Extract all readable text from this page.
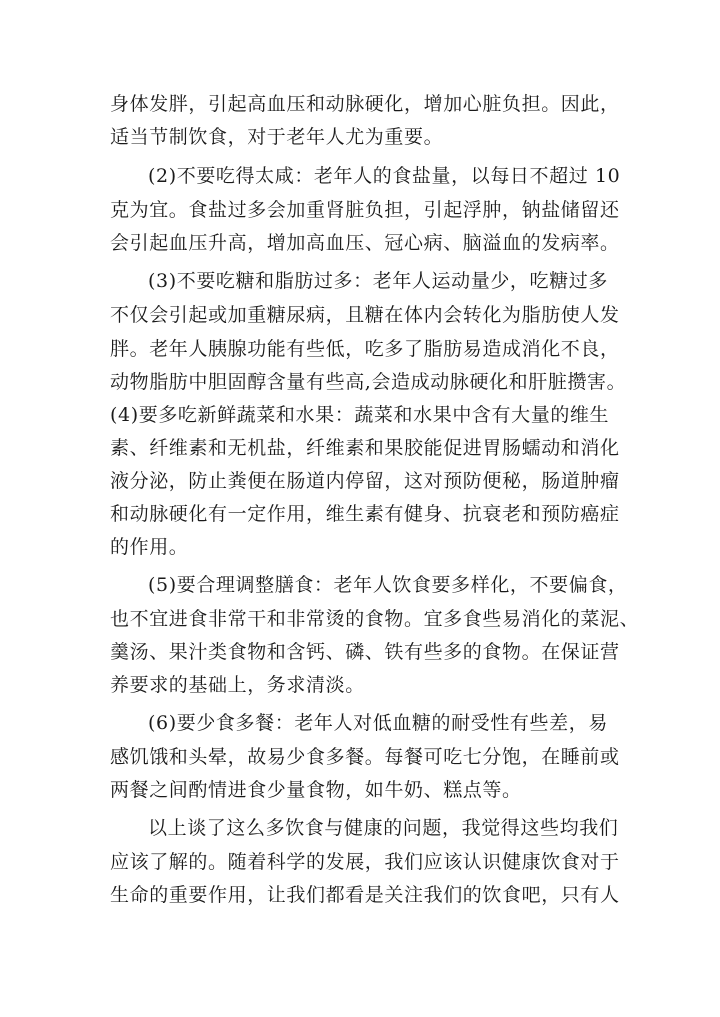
身体发胖，引起高血压和动脉硬化，增加心脏负担。因此，
适当节制饮食，对于老年人尤为重要。
(2)不要吃得太咸：老年人的食盐量，以每日不超过 10
克为宜。食盐过多会加重肾脏负担，引起浮肿，钠盐储留还
会引起血压升高，增加高血压、冠心病、脑溢血的发病率。
(3)不要吃糖和脂肪过多：老年人运动量少，吃糖过多
不仅会引起或加重糖尿病，且糖在体内会转化为脂肪使人发
胖。老年人胰腺功能有些低，吃多了脂肪易造成消化不良，
动物脂肪中胆固醇含量有些高,会造成动脉硬化和肝脏攒害。
(4)要多吃新鲜蔬菜和水果：蔬菜和水果中含有大量的维生
素、纤维素和无机盐，纤维素和果胶能促进胃肠蠕动和消化
液分泌，防止粪便在肠道内停留，这对预防便秘，肠道肿瘤
和动脉硬化有一定作用，维生素有健身、抗衰老和预防癌症
的作用。
(5)要合理调整膳食：老年人饮食要多样化，不要偏食，
也不宜进食非常干和非常烫的食物。宜多食些易消化的菜泥、
羹汤、果汁类食物和含钙、磷、铁有些多的食物。在保证营
养要求的基础上，务求清淡。
(6)要少食多餐：老年人对低血糖的耐受性有些差，易
感饥饿和头晕，故易少食多餐。每餐可吃七分饱，在睡前或
两餐之间酌情进食少量食物，如牛奶、糕点等。
以上谈了这么多饮食与健康的问题，我觉得这些均我们
应该了解的。随着科学的发展，我们应该认识健康饮食对于
生命的重要作用，让我们都看是关注我们的饮食吧，只有人
